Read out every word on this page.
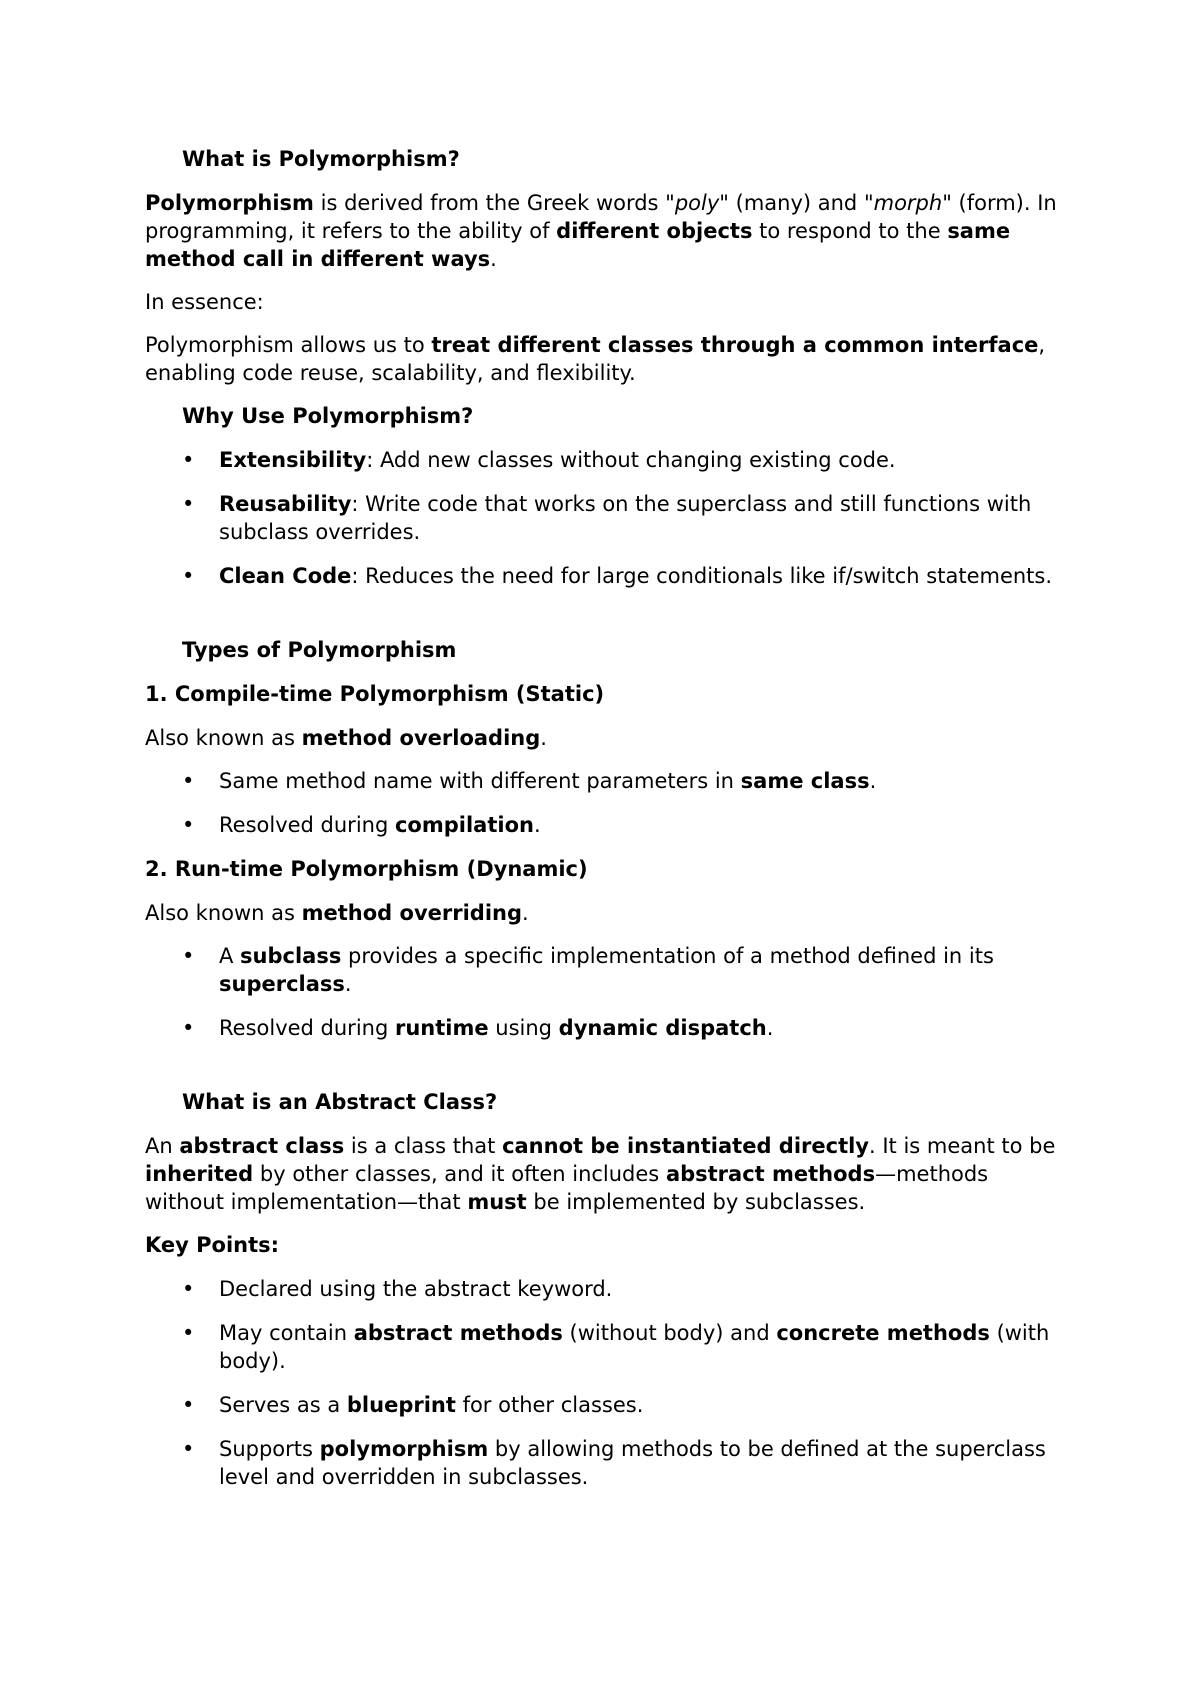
What is Polymorphism?

Polymorphism is derived from the Greek words "poly" (many) and "morph" (form). In programming, it refers to the ability of different objects to respond to the same method call in different ways.

In essence:

Polymorphism allows us to treat different classes through a common interface, enabling code reuse, scalability, and flexibility.

Why Use Polymorphism?
• Extensibility: Add new classes without changing existing code.
• Reusability: Write code that works on the superclass and still functions with subclass overrides.
• Clean Code: Reduces the need for large conditionals like if/switch statements.
Types of Polymorphism
1. Compile-time Polymorphism (Static)

Also known as method overloading.

• Same method name with different parameters in same class.
• Resolved during compilation.
2. Run-time Polymorphism (Dynamic)

Also known as method overriding.

• A subclass provides a specific implementation of a method defined in its superclass.
• Resolved during runtime using dynamic dispatch.
What is an Abstract Class?

An abstract class is a class that cannot be instantiated directly. It is meant to be inherited by other classes, and it often includes abstract methods—methods without implementation—that must be implemented by subclasses.

Key Points:
• Declared using the abstract keyword.
• May contain abstract methods (without body) and concrete methods (with body).
• Serves as a blueprint for other classes.
• Supports polymorphism by allowing methods to be defined at the superclass level and overridden in subclasses.
